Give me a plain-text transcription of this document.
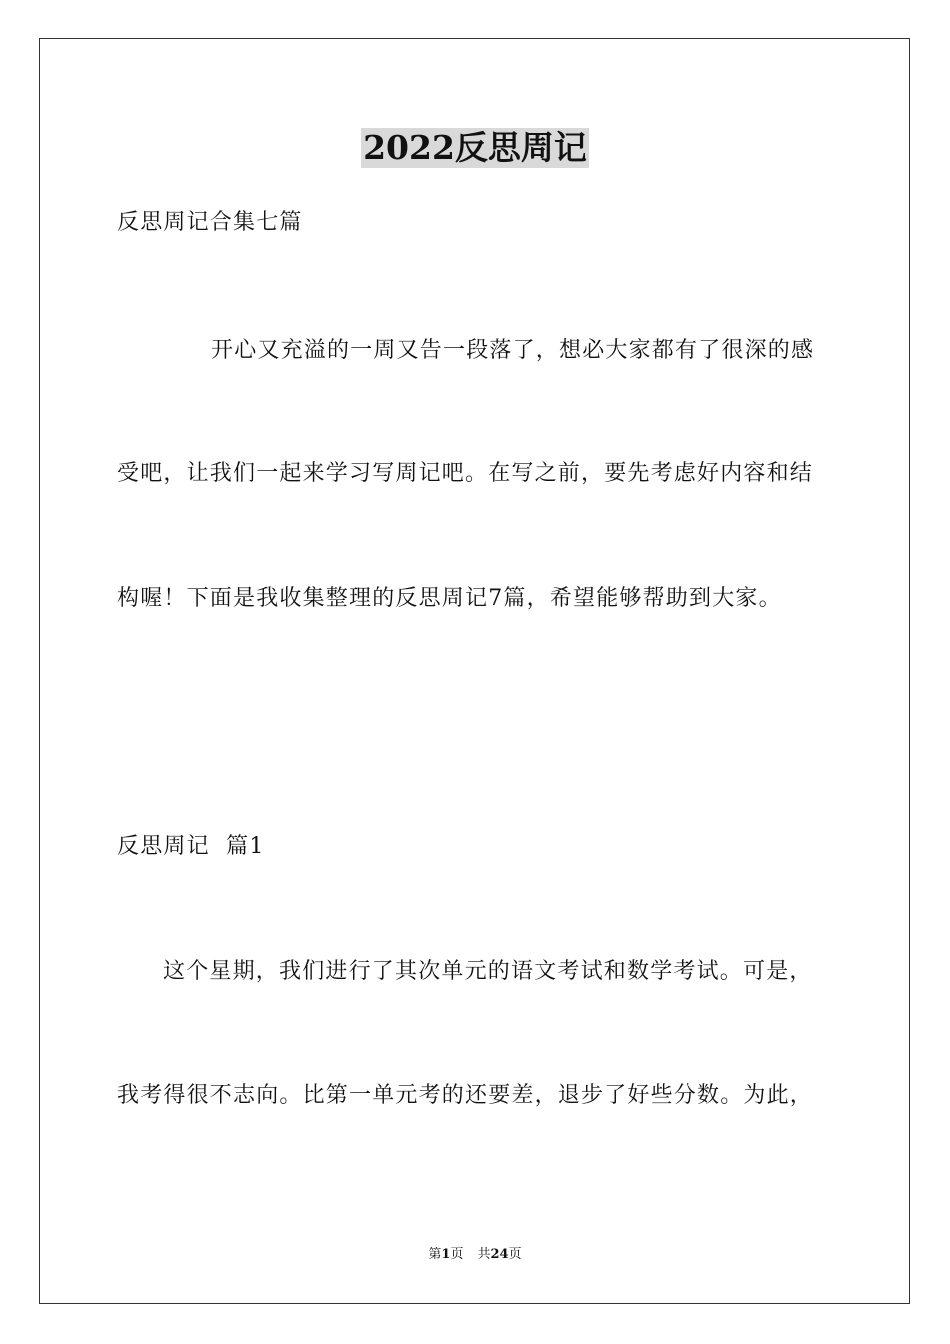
2022反思周记
反思周记合集七篇
开心又充溢的一周又告一段落了，想必大家都有了很深的感
受吧，让我们一起来学习写周记吧。在写之前，要先考虑好内容和结
构喔！下面是我收集整理的反思周记7篇，希望能够帮助到大家。
反思周记  篇1
这个星期，我们进行了其次单元的语文考试和数学考试。可是，
我考得很不志向。比第一单元考的还要差，退步了好些分数。为此，
第1页 共24页
